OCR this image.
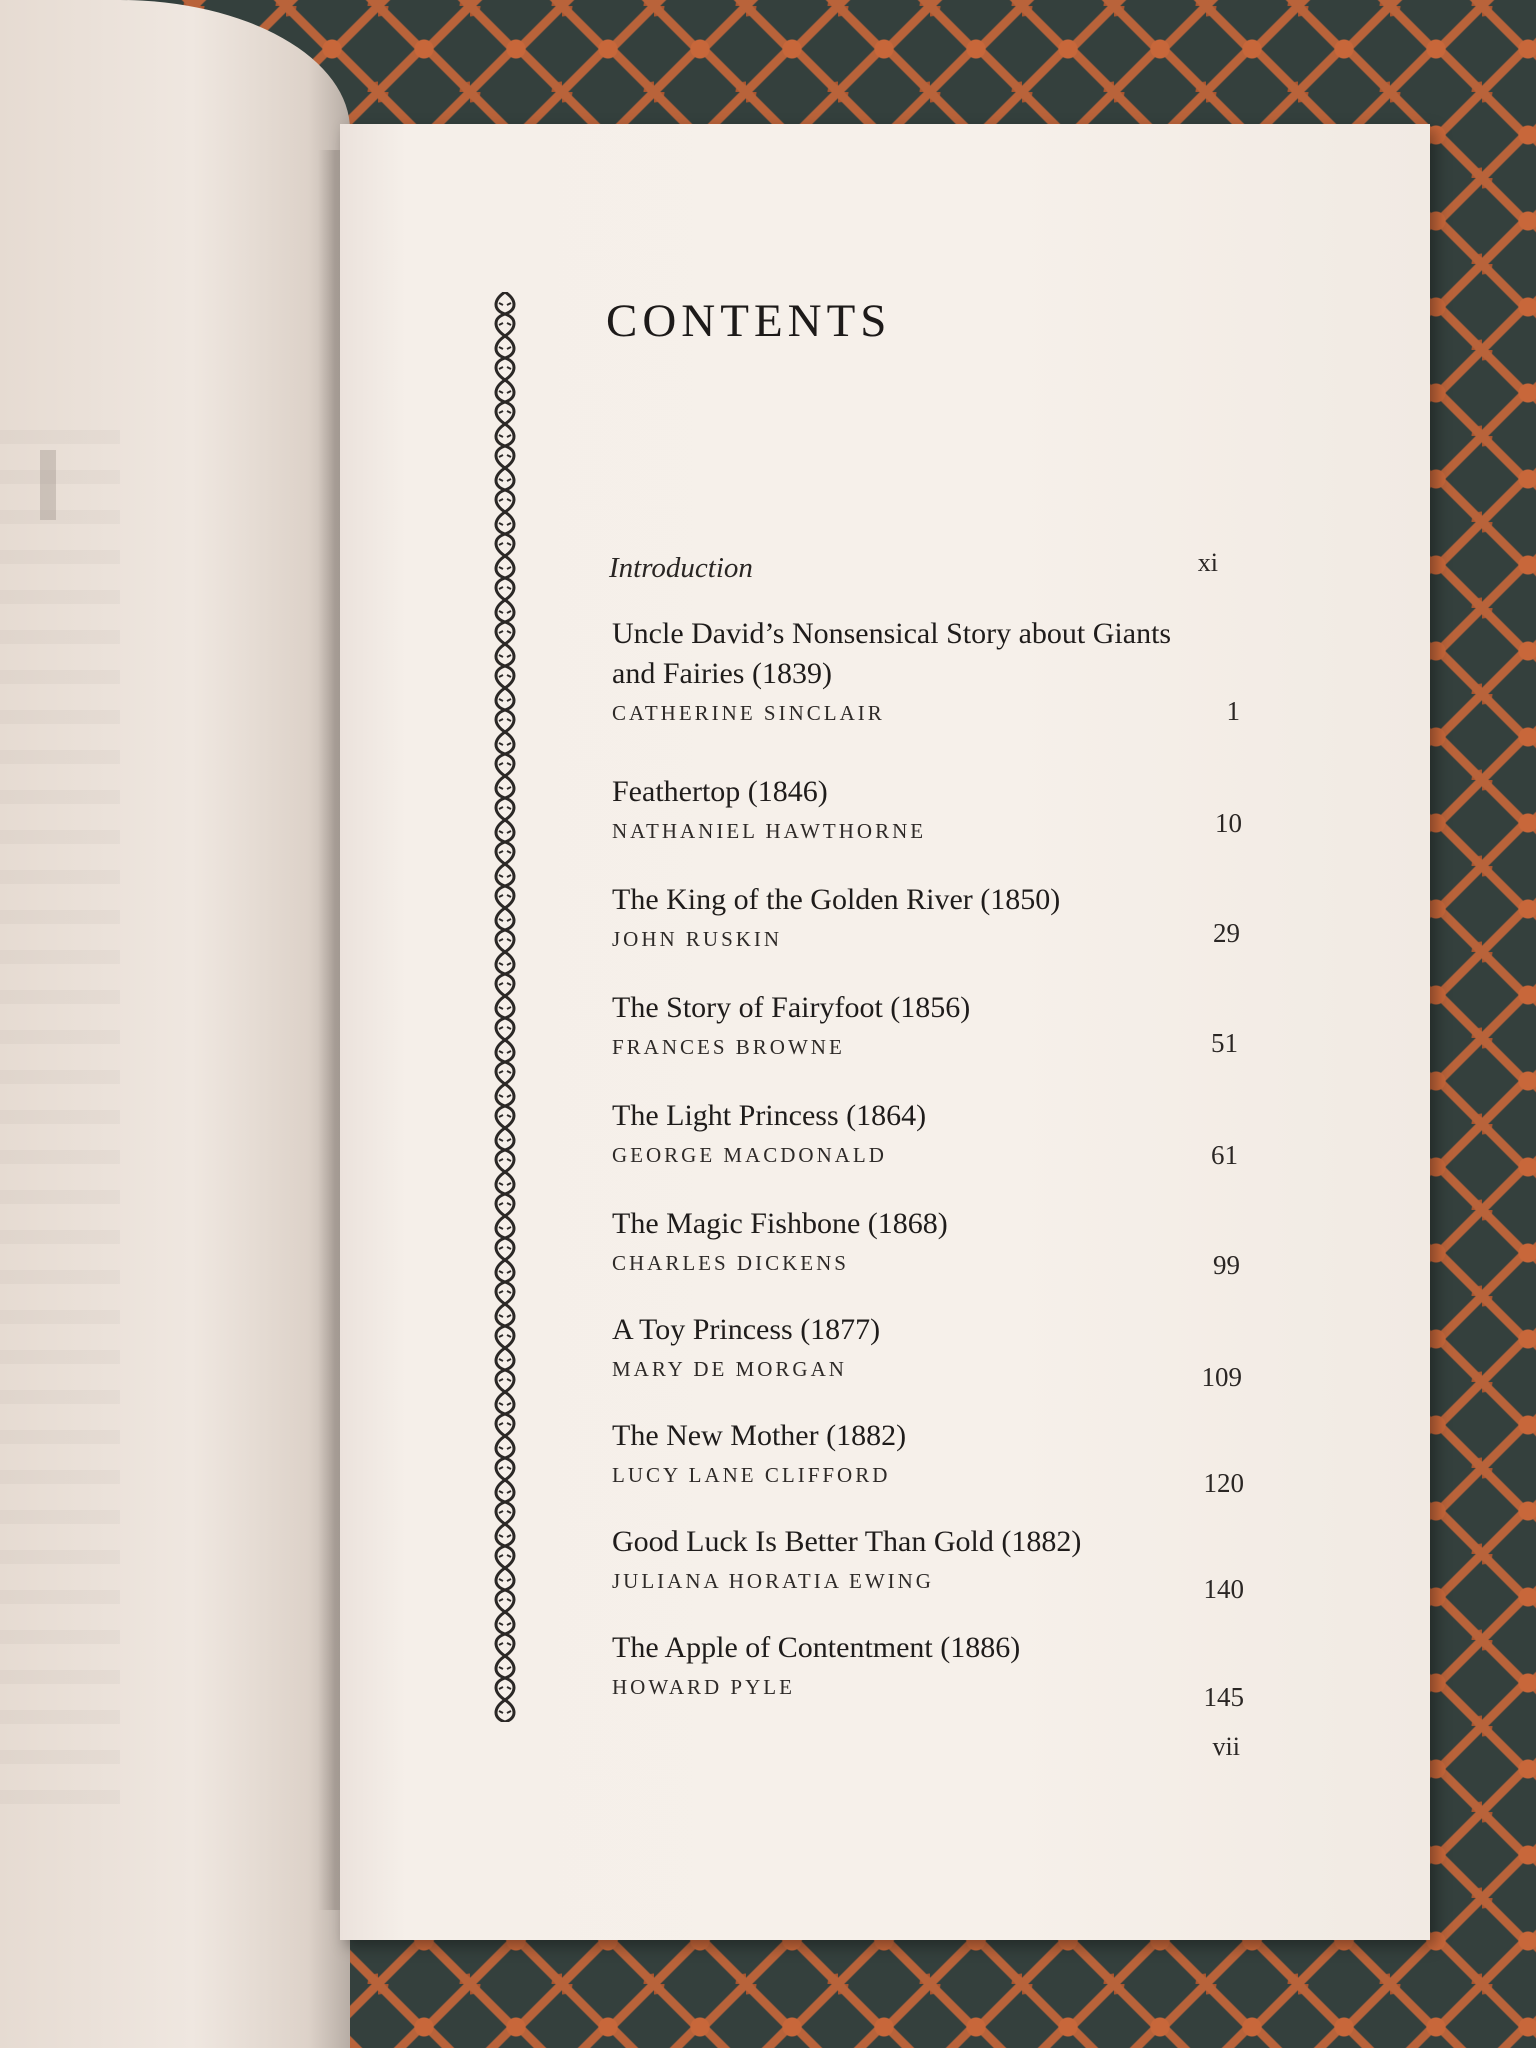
CONTENTS
Introduction	xi
Uncle David’s Nonsensical Story about Giants and Fairies (1839)
CATHERINE SINCLAIR	1
Feathertop (1846)
NATHANIEL HAWTHORNE	10
The King of the Golden River (1850)
JOHN RUSKIN	29
The Story of Fairyfoot (1856)
FRANCES BROWNE	51
The Light Princess (1864)
GEORGE MACDONALD	61
The Magic Fishbone (1868)
CHARLES DICKENS	99
A Toy Princess (1877)
MARY DE MORGAN	109
The New Mother (1882)
LUCY LANE CLIFFORD	120
Good Luck Is Better Than Gold (1882)
JULIANA HORATIA EWING	140
The Apple of Contentment (1886)
HOWARD PYLE	145
vii
